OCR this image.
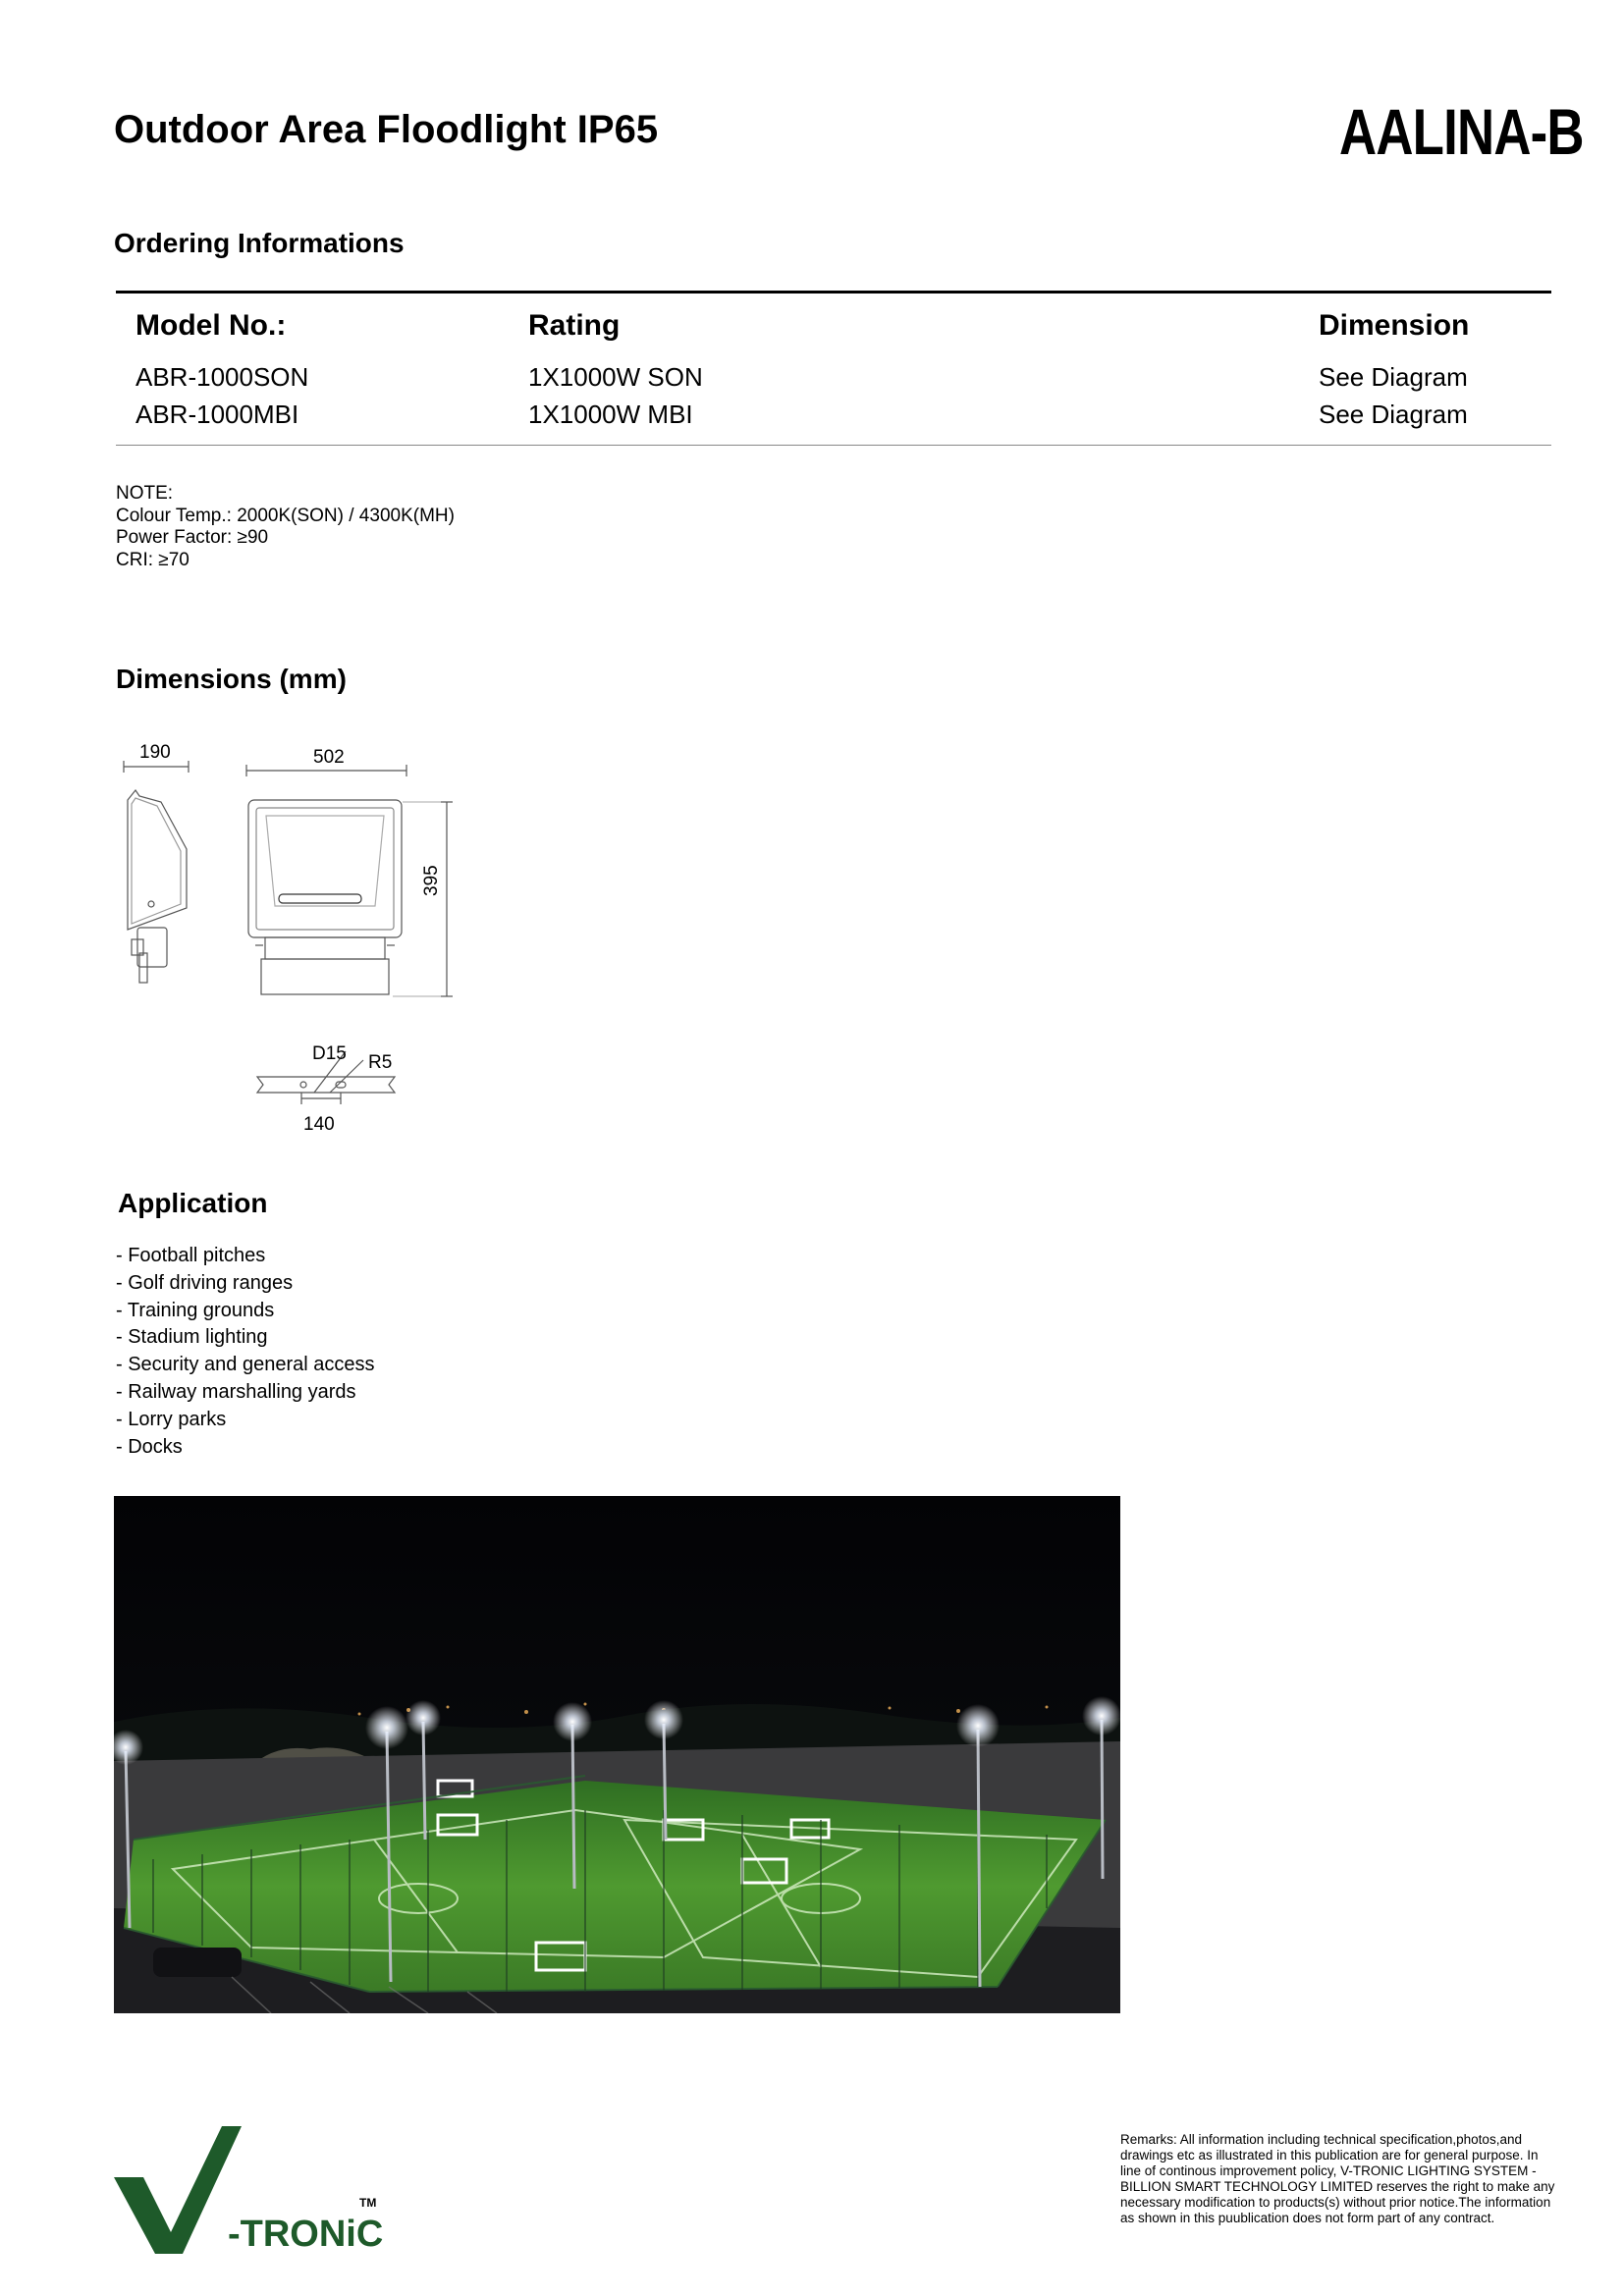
Outdoor Area Floodlight IP65	AALINA-B
Ordering Informations
Model No.:	Rating	Dimension
ABR-1000SON	1X1000W SON	See Diagram
ABR-1000MBI	1X1000W MBI	See Diagram
NOTE:
Colour Temp.: 2000K(SON) / 4300K(MH)
Power Factor: ≥90
CRI: ≥70
Dimensions (mm)
190	502
395
D15 R5
140
Application
- Football pitches
- Golf driving ranges
- Training grounds
- Stadium lighting
- Security and general access
- Railway marshalling yards
- Lorry parks
- Docks
-TRONiC
TM
Remarks: All information including technical specification,photos,and drawings etc as illustrated in this publication are for general purpose. In line of continous improvement policy, V-TRONIC LIGHTING SYSTEM - BILLION SMART TECHNOLOGY LIMITED reserves the right to make any necessary modification to products(s) without prior notice.The information as shown in this puublication does not form part of any contract.
